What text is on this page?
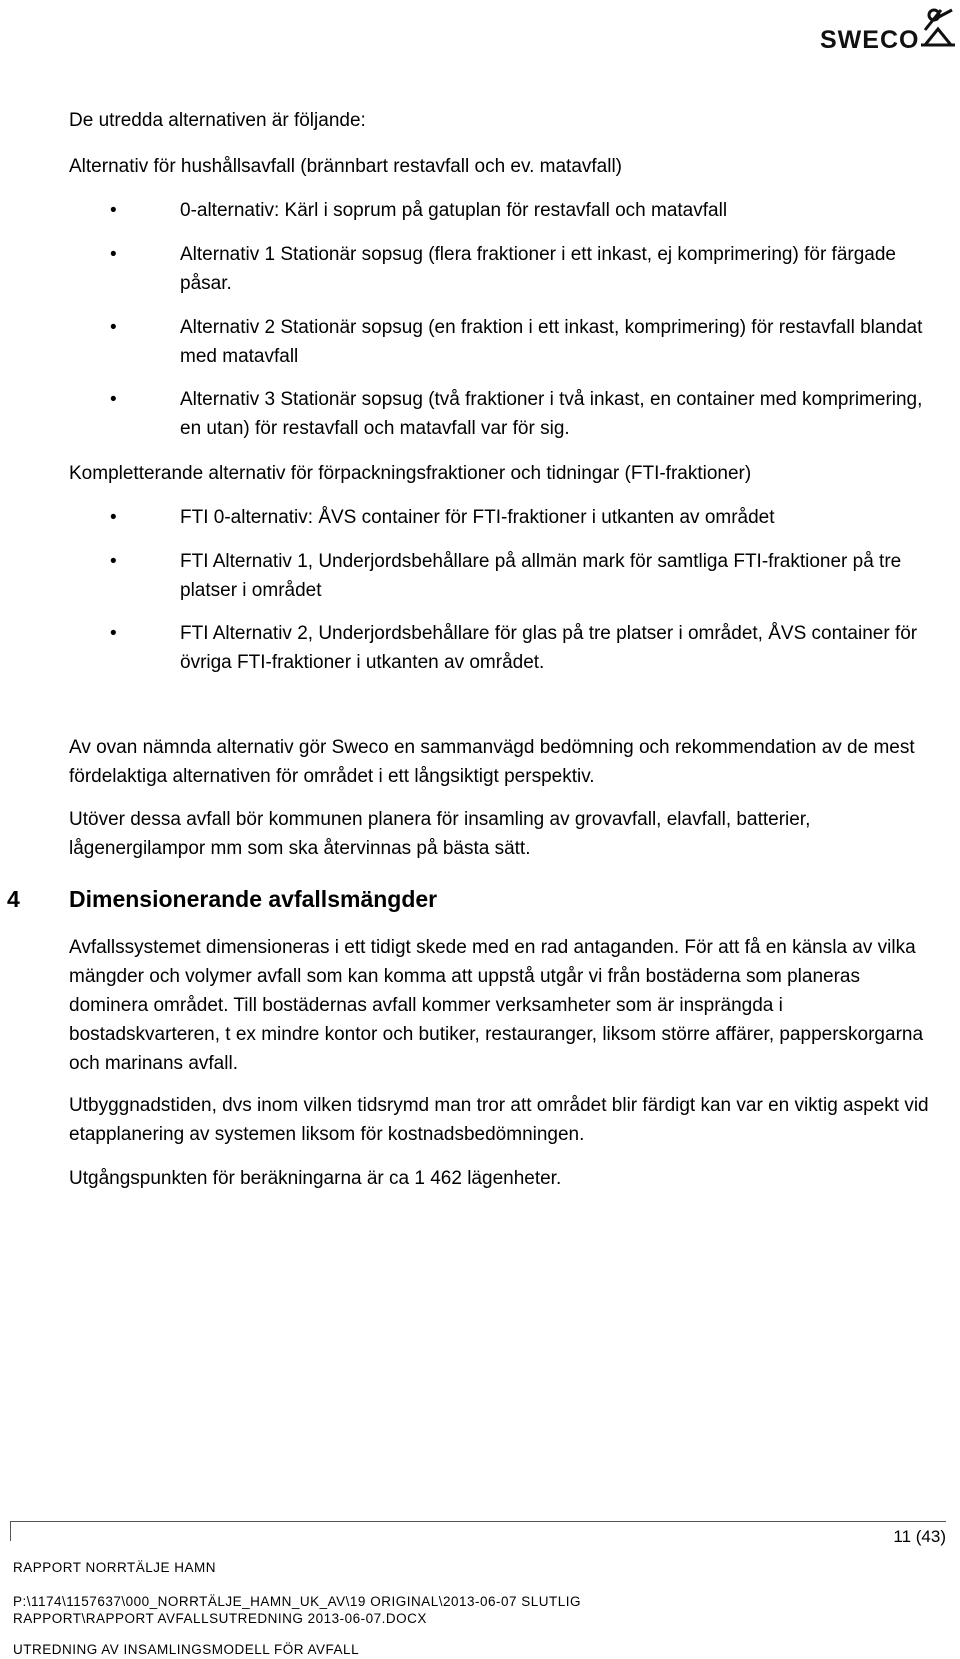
SWECO
De utredda alternativen är följande:
Alternativ för hushållsavfall (brännbart restavfall och ev. matavfall)
•	0-alternativ: Kärl i soprum på gatuplan för restavfall och matavfall
•	Alternativ 1 Stationär sopsug (flera fraktioner i ett inkast, ej komprimering) för färgade påsar.
•	Alternativ 2 Stationär sopsug (en fraktion i ett inkast, komprimering) för restavfall blandat med matavfall
•	Alternativ 3 Stationär sopsug (två fraktioner i två inkast, en container med komprimering, en utan) för restavfall och matavfall var för sig.
Kompletterande alternativ för förpackningsfraktioner och tidningar (FTI-fraktioner)
•	FTI 0-alternativ: ÅVS container för FTI-fraktioner i utkanten av området
•	FTI Alternativ 1, Underjordsbehållare på allmän mark för samtliga FTI-fraktioner på tre platser i området
•	FTI Alternativ 2, Underjordsbehållare för glas på tre platser i området, ÅVS container för övriga FTI-fraktioner i utkanten av området.
Av ovan nämnda alternativ gör Sweco en sammanvägd bedömning och rekommendation av de mest fördelaktiga alternativen för området i ett långsiktigt perspektiv.
Utöver dessa avfall bör kommunen planera för insamling av grovavfall, elavfall, batterier, lågenergilampor mm som ska återvinnas på bästa sätt.
4 Dimensionerande avfallsmängder
Avfallssystemet dimensioneras i ett tidigt skede med en rad antaganden. För att få en känsla av vilka mängder och volymer avfall som kan komma att uppstå utgår vi från bostäderna som planeras dominera området. Till bostädernas avfall kommer verksamheter som är insprängda i bostadskvarteren, t ex mindre kontor och butiker, restauranger, liksom större affärer, papperskorgarna och marinans avfall.
Utbyggnadstiden, dvs inom vilken tidsrymd man tror att området blir färdigt kan var en viktig aspekt vid etapplanering av systemen liksom för kostnadsbedömningen.
Utgångspunkten för beräkningarna är ca 1 462 lägenheter.
11 (43)
RAPPORT NORRTÄLJE HAMN
P:\1174\1157637\000_NORRTÄLJE_HAMN_UK_AV\19 ORIGINAL\2013-06-07 SLUTLIG
RAPPORT\RAPPORT AVFALLSUTREDNING 2013-06-07.DOCX
UTREDNING AV INSAMLINGSMODELL FÖR AVFALL
